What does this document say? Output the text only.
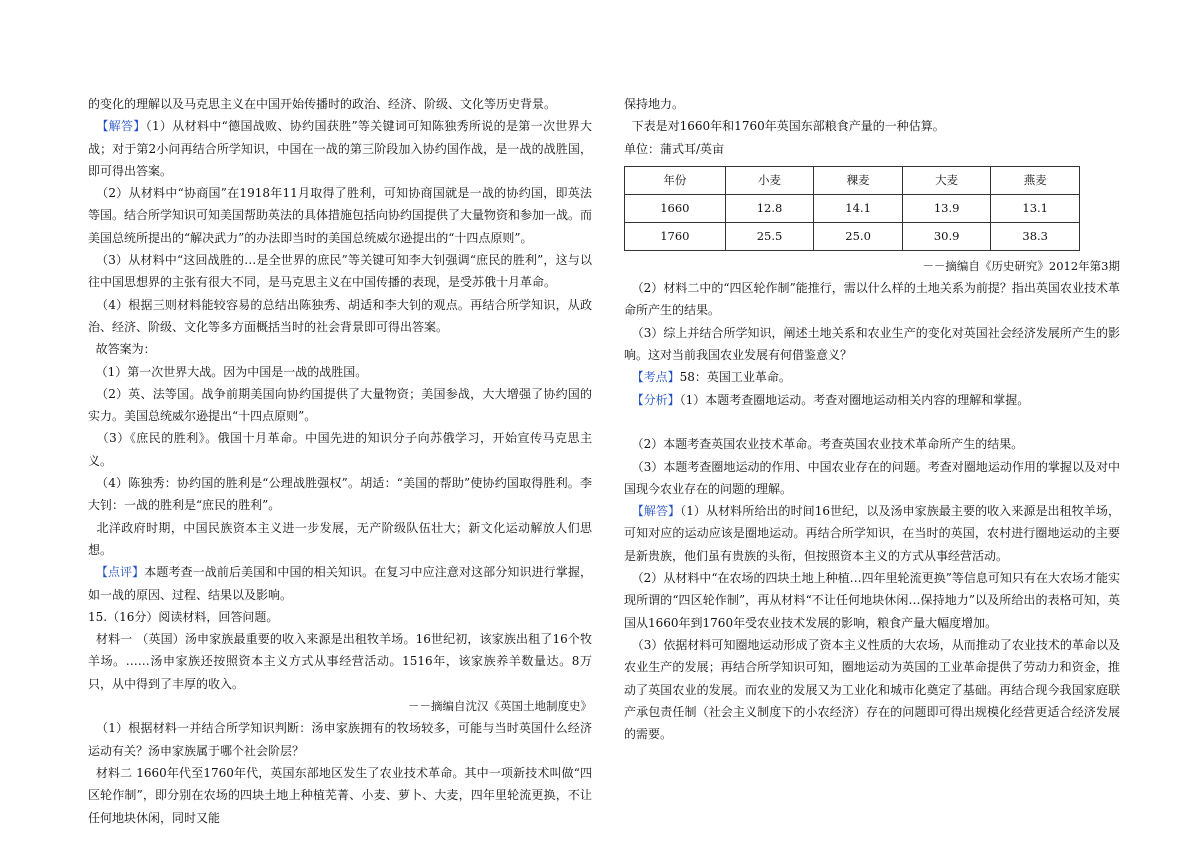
的变化的理解以及马克思主义在中国开始传播时的政治、经济、阶级、文化等历史背景。

【解答】（1）从材料中“德国战败、协约国获胜”等关键词可知陈独秀所说的是第一次世界大战；对于第2小问再结合所学知识，中国在一战的第三阶段加入协约国作战，是一战的战胜国，即可得出答案。

（2）从材料中“协商国”在1918年11月取得了胜利，可知协商国就是一战的协约国，即英法等国。结合所学知识可知美国帮助英法的具体措施包括向协约国提供了大量物资和参加一战。而美国总统所提出的“解决武力”的办法即当时的美国总统威尔逊提出的“十四点原则”。

（3）从材料中“这回战胜的…是全世界的庶民”等关键可知李大钊强调“庶民的胜利”，这与以往中国思想界的主张有很大不同，是马克思主义在中国传播的表现，是受苏俄十月革命。

（4）根据三则材料能较容易的总结出陈独秀、胡适和李大钊的观点。再结合所学知识，从政治、经济、阶级、文化等多方面概括当时的社会背景即可得出答案。

故答案为：

（1）第一次世界大战。因为中国是一战的战胜国。

（2）英、法等国。战争前期美国向协约国提供了大量物资；美国参战，大大增强了协约国的实力。美国总统威尔逊提出“十四点原则”。

（3）《庶民的胜利》。俄国十月革命。中国先进的知识分子向苏俄学习，开始宣传马克思主义。

（4）陈独秀：协约国的胜利是“公理战胜强权”。胡适：“美国的帮助”使协约国取得胜利。李大钊：一战的胜利是“庶民的胜利”。

北洋政府时期，中国民族资本主义进一步发展，无产阶级队伍壮大；新文化运动解放人们思想。

【点评】本题考查一战前后美国和中国的相关知识。在复习中应注意对这部分知识进行掌握，如一战的原因、过程、结果以及影响。

15.（16分）阅读材料，回答问题。

材料一 （英国）汤申家族最重要的收入来源是出租牧羊场。16世纪初，该家族出租了16个牧羊场。……汤申家族还按照资本主义方式从事经营活动。1516年，该家族养羊数量达。8万只，从中得到了丰厚的收入。

－－摘编自沈汉《英国土地制度史》

（1）根据材料一并结合所学知识判断：汤申家族拥有的牧场较多，可能与当时英国什么经济运动有关？汤申家族属于哪个社会阶层？

材料二 1660年代至1760年代，英国东部地区发生了农业技术革命。其中一项新技术叫做“四区轮作制”，即分别在农场的四块土地上种植芜菁、小麦、萝卜、大麦，四年里轮流更换，不让任何地块休闲，同时又能

保持地力。

下表是对1660年和1760年英国东部粮食产量的一种估算。

单位：蒲式耳/英亩

年份	小麦	稞麦	大麦	燕麦
1660	12.8	14.1	13.9	13.1
1760	25.5	25.0	30.9	38.3

－－摘编自《历史研究》2012年第3期

（2）材料二中的“四区轮作制”能推行，需以什么样的土地关系为前提？指出英国农业技术革命所产生的结果。

（3）综上并结合所学知识，阐述土地关系和农业生产的变化对英国社会经济发展所产生的影响。这对当前我国农业发展有何借鉴意义？

【考点】58：英国工业革命。

【分析】（1）本题考查圈地运动。考查对圈地运动相关内容的理解和掌握。

（2）本题考查英国农业技术革命。考查英国农业技术革命所产生的结果。

（3）本题考查圈地运动的作用、中国农业存在的问题。考查对圈地运动作用的掌握以及对中国现今农业存在的问题的理解。

【解答】（1）从材料所给出的时间16世纪，以及汤申家族最主要的收入来源是出租牧羊场，可知对应的运动应该是圈地运动。再结合所学知识，在当时的英国，农村进行圈地运动的主要是新贵族，他们虽有贵族的头衔，但按照资本主义的方式从事经营活动。

（2）从材料中“在农场的四块土地上种植…四年里轮流更换”等信息可知只有在大农场才能实现所谓的“四区轮作制”，再从材料“不让任何地块休闲…保持地力”以及所给出的表格可知，英国从1660年到1760年受农业技术发展的影响，粮食产量大幅度增加。

（3）依据材料可知圈地运动形成了资本主义性质的大农场，从而推动了农业技术的革命以及农业生产的发展；再结合所学知识可知，圈地运动为英国的工业革命提供了劳动力和资金，推动了英国农业的发展。而农业的发展又为工业化和城市化奠定了基础。再结合现今我国家庭联产承包责任制（社会主义制度下的小农经济）存在的问题即可得出规模化经营更适合经济发展的需要。
